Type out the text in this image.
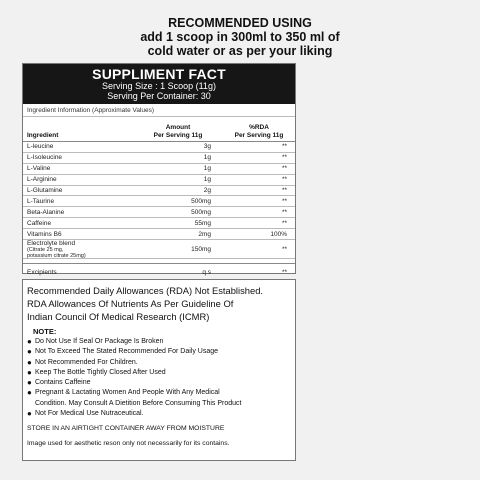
RECOMMENDED USING
add 1 scoop in 300ml to 350 ml of
cold water or as per your liking
SUPPLIMENT FACT
Serving Size : 1 Scoop (11g)
Serving Per Container: 30
Ingredient Information (Approximate Values)
Ingredient
Amount
Per Serving 11g
%RDA
Per Serving 11g
L-leucine	3g	**
L-Isoleucine	1g	**
L-Valine	1g	**
L-Arginine	1g	**
L-Glutamine	2g	**
L-Taurine	500mg	**
Beta-Alanine	500mg	**
Caffeine	55mg	**
Vitamins B6	2mg	100%
Electrolyte blend
(Citrate 25 mg,
potassium citrate 25mg)
150mg	**
Excipients	q.s	**
Recommended Daily Allowances (RDA) Not Established.
RDA Allowances Of Nutrients As Per Guideline Of
Indian Council Of Medical Research (ICMR)
NOTE:
● Do Not Use If Seal Or Package Is Broken
● Not To Exceed The Stated Recommended For Daily Usage
● Not Recommended For Children.
● Keep The Bottle Tightly Closed After Used
● Contains Caffeine
● Pregnant & Lactating Women And People With Any Medical
Condition. May Consult A Dietition Before Consuming This Product
● Not For Medical Use Nutraceutical.
STORE IN AN AIRTIGHT CONTAINER AWAY FROM MOISTURE
Image used for aesthetic reson only not necessarily for its contains.
